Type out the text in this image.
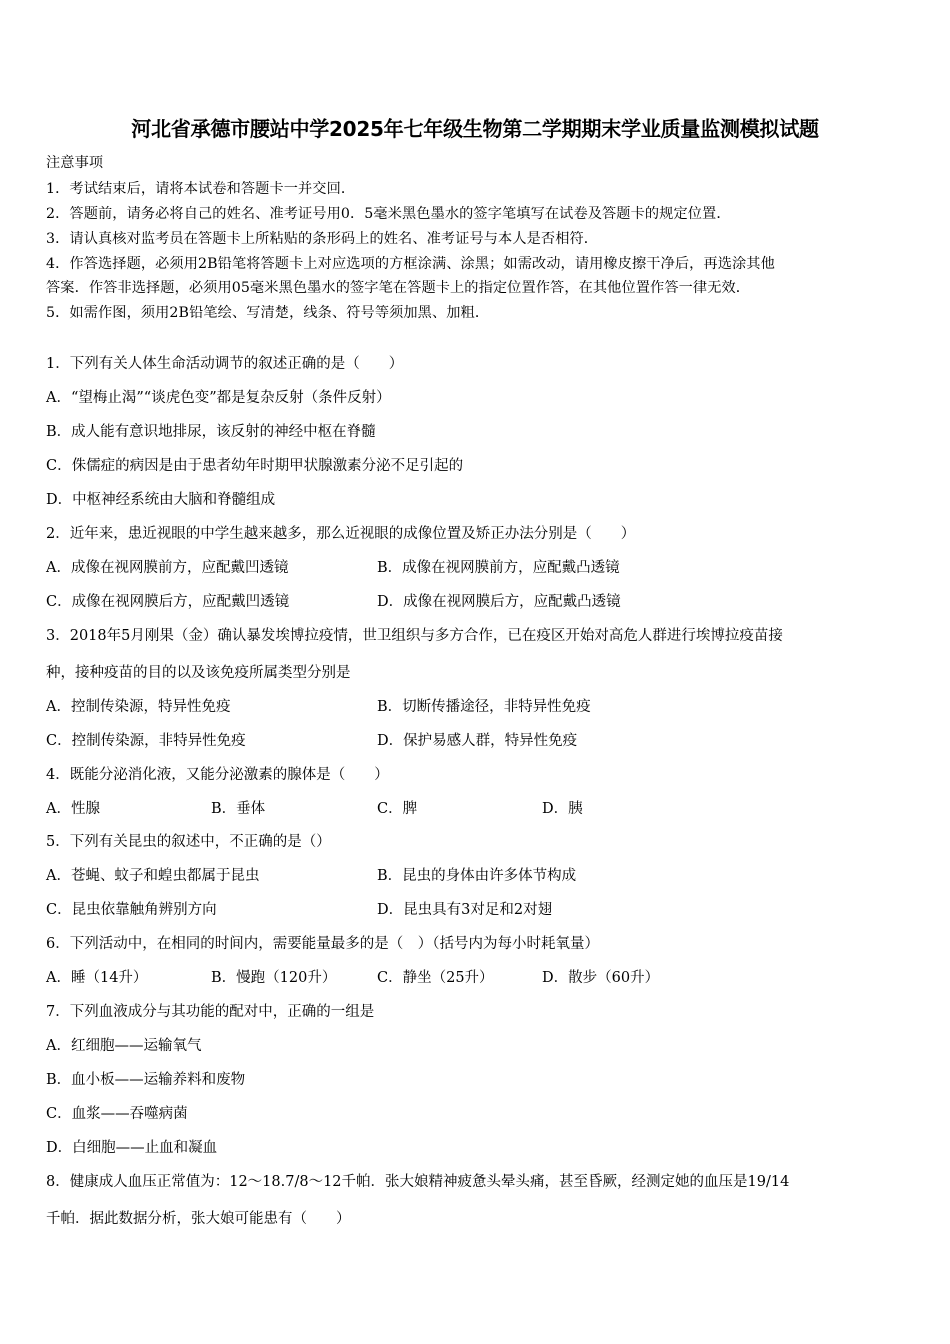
河北省承德市腰站中学2025年七年级生物第二学期期末学业质量监测模拟试题
注意事项
1．考试结束后，请将本试卷和答题卡一并交回．
2．答题前，请务必将自己的姓名、准考证号用0．5毫米黑色墨水的签字笔填写在试卷及答题卡的规定位置．
3．请认真核对监考员在答题卡上所粘贴的条形码上的姓名、准考证号与本人是否相符．
4．作答选择题，必须用2B铅笔将答题卡上对应选项的方框涂满、涂黑；如需改动，请用橡皮擦干净后，再选涂其他
答案．作答非选择题，必须用05毫米黑色墨水的签字笔在答题卡上的指定位置作答，在其他位置作答一律无效．
5．如需作图，须用2B铅笔绘、写清楚，线条、符号等须加黑、加粗．
1．下列有关人体生命活动调节的叙述正确的是（　　）
A．“望梅止渴”“谈虎色变”都是复杂反射（条件反射）
B．成人能有意识地排尿，该反射的神经中枢在脊髓
C．侏儒症的病因是由于患者幼年时期甲状腺激素分泌不足引起的
D．中枢神经系统由大脑和脊髓组成
2．近年来，患近视眼的中学生越来越多，那么近视眼的成像位置及矫正办法分别是（　　）
A．成像在视网膜前方，应配戴凹透镜	B．成像在视网膜前方，应配戴凸透镜
C．成像在视网膜后方，应配戴凹透镜	D．成像在视网膜后方，应配戴凸透镜
3．2018年5月刚果（金）确认暴发埃博拉疫情，世卫组织与多方合作，已在疫区开始对高危人群进行埃博拉疫苗接
种，接种疫苗的目的以及该免疫所属类型分别是
A．控制传染源，特异性免疫	B．切断传播途径，非特异性免疫
C．控制传染源，非特异性免疫	D．保护易感人群，特异性免疫
4．既能分泌消化液，又能分泌激素的腺体是（　　）
A．性腺	B．垂体	C．脾	D．胰
5．下列有关昆虫的叙述中，不正确的是（）
A．苍蝇、蚊子和蝗虫都属于昆虫	B．昆虫的身体由许多体节构成
C．昆虫依靠触角辨别方向	D．昆虫具有3对足和2对翅
6．下列活动中，在相同的时间内，需要能量最多的是（　）（括号内为每小时耗氧量）
A．睡（14升）	B．慢跑（120升）	C．静坐（25升）	D．散步（60升）
7．下列血液成分与其功能的配对中，正确的一组是
A．红细胞——运输氧气
B．血小板——运输养料和废物
C．血浆——吞噬病菌
D．白细胞——止血和凝血
8．健康成人血压正常值为：12～18.7/8～12千帕．张大娘精神疲惫头晕头痛，甚至昏厥，经测定她的血压是19/14
千帕．据此数据分析，张大娘可能患有（　　）
